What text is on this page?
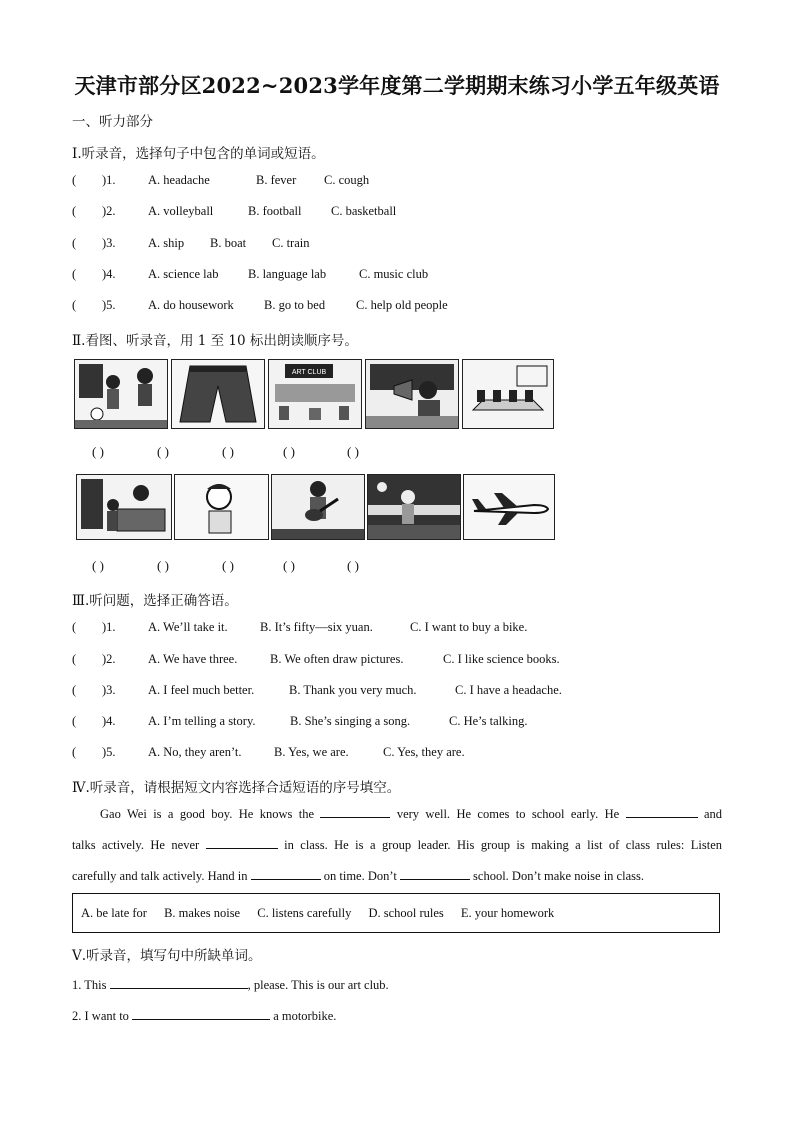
天津市部分区2022~2023学年度第二学期期末练习小学五年级英语
一、听力部分
Ⅰ.听录音，选择句子中包含的单词或短语。
( )1.	A. headache	B. fever C. cough
( )2.	A. volleyball	B. football C. basketball
( )3.	A. ship B. boat C. train
( )4.	A. science lab B. language lab	C. music club
( )5.	A. do housework B. go to bed C. help old people
Ⅱ.看图、听录音，用 1 至 10 标出朗读顺序号。
ART CLUB
( )	( )	( )	( )	( )
( )	( )	( )	( )	( )
Ⅲ.听问题，选择正确答语。
( )1.	A. We’ll take it.	B. It’s fifty—six yuan.	C. I want to buy a bike.
( )2.	A. We have three.	B. We often draw pictures.	C. I like science books.
( )3.	A. I feel much better.	B. Thank you very much.	C. I have a headache.
( )4.	A. I’m telling a story.	B. She’s singing a song.	C. He’s talking.
( )5.	A. No, they aren’t.	B. Yes, we are.	C. Yes, they are.
Ⅳ.听录音，请根据短文内容选择合适短语的序号填空。

Gao Wei is a good boy. He knows the	very well. He comes to school early. He	and

talks actively. He never	in class. He is a group leader. His group is making a list of class rules: Listen

carefully and talk actively. Hand in	on time. Don’t	school. Don’t make noise in class.

A. be late for B. makes noise C. listens carefully D. school rules E. your homework
Ⅴ.听录音，填写句中所缺单词。
1. This	, please. This is our art club.
2. I want to	a motorbike.
